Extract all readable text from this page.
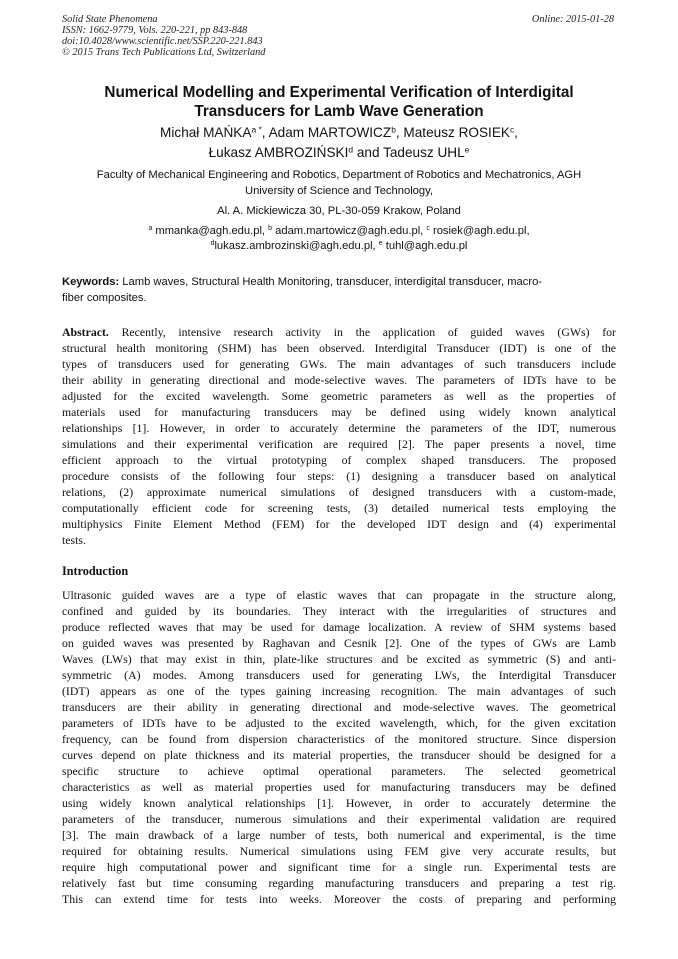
Solid State Phenomena
ISSN: 1662-9779, Vols. 220-221, pp 843-848
doi:10.4028/www.scientific.net/SSP.220-221.843
© 2015 Trans Tech Publications Ltd, Switzerland
Online: 2015-01-28
Numerical Modelling and Experimental Verification of Interdigital
Transducers for Lamb Wave Generation
Michał $MAŃKA^{a *}$, Adam MARTOWICZ$^b$, Mateusz ROSIEK$^c$,
Łukasz AMBROZIŃSKI$^d$ and Tadeusz UHL$^e$
Faculty of Mechanical Engineering and Robotics, Department of Robotics and Mechatronics, AGH
University of Science and Technology,
Al. A. Mickiewicza 30, PL-30-059 Krakow, Poland
$^a$ mmanka@agh.edu.pl, $^b$ adam.martowicz@agh.edu.pl, $^c$ rosiek@agh.edu.pl,
$^d$lukasz.ambrozinski@agh.edu.pl, $^e$ tuhl@agh.edu.pl
Keywords: Lamb waves, Structural Health Monitoring, transducer, interdigital transducer, macro-
fiber composites.
Abstract. Recently, intensive research activity in the application of guided waves (GWs) for
structural health monitoring (SHM) has been observed. Interdigital Transducer (IDT) is one of the
types of transducers used for generating GWs. The main advantages of such transducers include
their ability in generating directional and mode-selective waves. The parameters of IDTs have to be
adjusted for the excited wavelength. Some geometric parameters as well as the properties of
materials used for manufacturing transducers may be defined using widely known analytical
relationships [1]. However, in order to accurately determine the parameters of the IDT, numerous
simulations and their experimental verification are required [2]. The paper presents a novel, time
efficient approach to the virtual prototyping of complex shaped transducers. The proposed
procedure consists of the following four steps: (1) designing a transducer based on analytical
relations, (2) approximate numerical simulations of designed transducers with a custom-made,
computationally efficient code for screening tests, (3) detailed numerical tests employing the
multiphysics Finite Element Method (FEM) for the developed IDT design and (4) experimental
tests.
Introduction
Ultrasonic guided waves are a type of elastic waves that can propagate in the structure along,
confined and guided by its boundaries. They interact with the irregularities of structures and
produce reflected waves that may be used for damage localization. A review of SHM systems based
on guided waves was presented by Raghavan and Cesnik [2]. One of the types of GWs are Lamb
Waves (LWs) that may exist in thin, plate-like structures and be excited as symmetric (S) and anti-
symmetric (A) modes. Among transducers used for generating LWs, the Interdigital Transducer
(IDT) appears as one of the types gaining increasing recognition. The main advantages of such
transducers are their ability in generating directional and mode-selective waves. The geometrical
parameters of IDTs have to be adjusted to the excited wavelength, which, for the given excitation
frequency, can be found from dispersion characteristics of the monitored structure. Since dispersion
curves depend on plate thickness and its material properties, the transducer should be designed for a
specific structure to achieve optimal operational parameters. The selected geometrical
characteristics as well as material properties used for manufacturing transducers may be defined
using widely known analytical relationships [1]. However, in order to accurately determine the
parameters of the transducer, numerous simulations and their experimental validation are required
[3]. The main drawback of a large number of tests, both numerical and experimental, is the time
required for obtaining results. Numerical simulations using FEM give very accurate results, but
require high computational power and significant time for a single run. Experimental tests are
relatively fast but time consuming regarding manufacturing transducers and preparing a test rig.
This can extend time for tests into weeks. Moreover the costs of preparing and performing
